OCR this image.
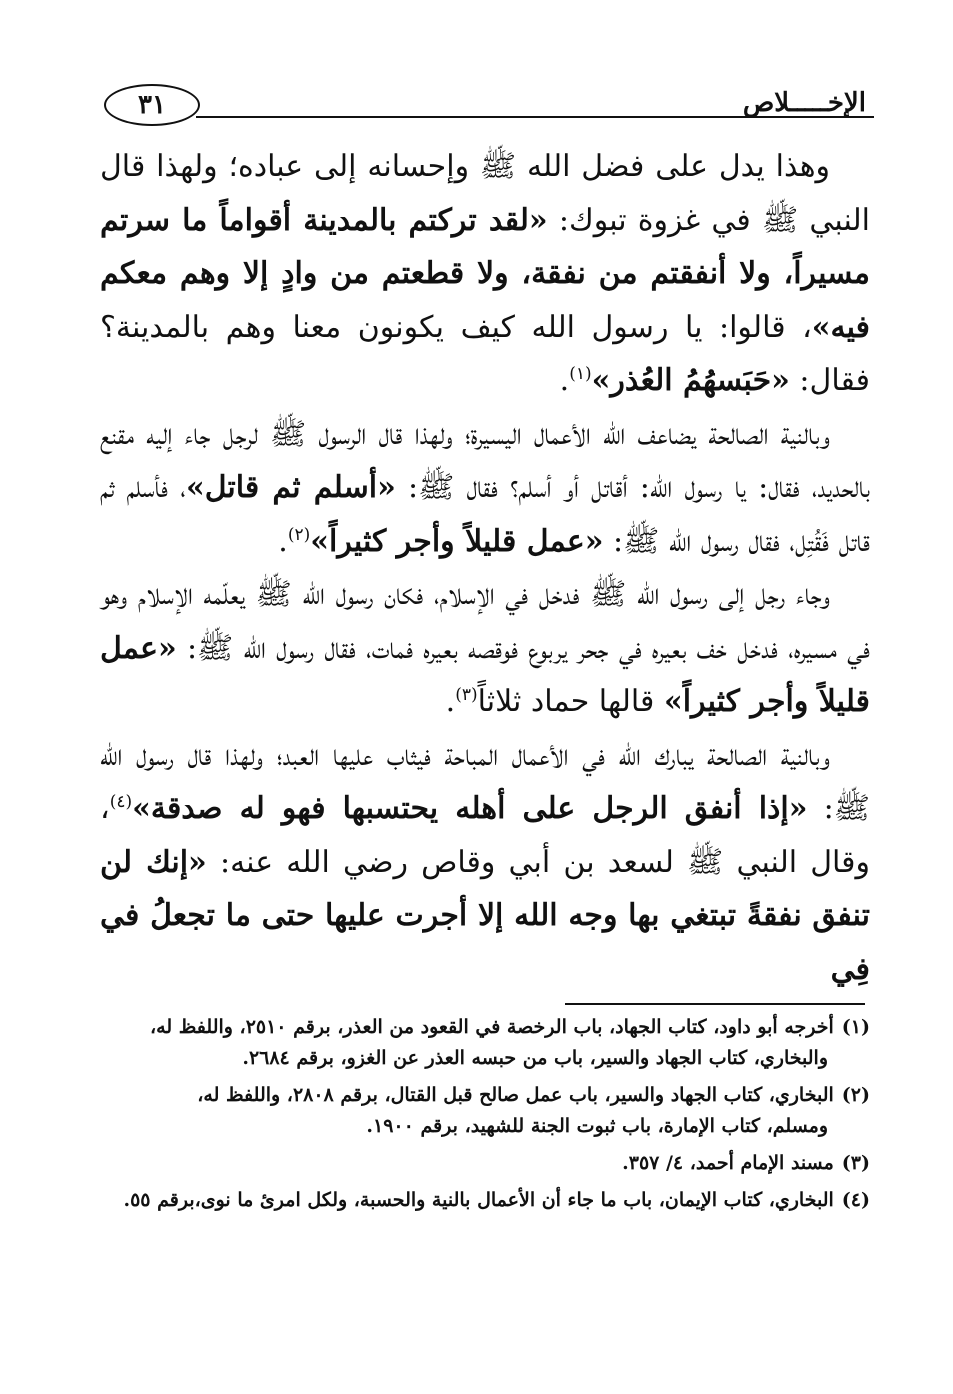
٣١	الإخـــــلاص

وهذا يدل على فضل الله ﷺ وإحسانه إلى عباده؛ ولهذا قال النبي ﷺ في غزوة تبوك: «لقد تركتم بالمدينة أقواماً ما سرتم مسيراً، ولا أنفقتم من نفقة، ولا قطعتم من وادٍ إلا وهم معكم فيه»، قالوا: يا رسول الله كيف يكونون معنا وهم بالمدينة؟ فقال: «حَبَسهُمُ العُذر»$^{(١)}$.

وبالنية الصالحة يضاعف الله الأعمال اليسيرة؛ ولهذا قال الرسول ﷺ لرجل جاء إليه مقنع بالحديد، فقال: يا رسول الله: أقاتل أو أسلم؟ فقال ﷺ: «أسلم ثم قاتل»، فأسلم ثم قاتل فَقُتِل، فقال رسول الله ﷺ: «عمل قليلاً وأجر كثيراً»$^{(٢)}$.

وجاء رجل إلى رسول الله ﷺ فدخل في الإسلام، فكان رسول الله ﷺ يعلّمه الإسلام وهو في مسيره، فدخل خف بعيره في جحر يربوع فوقصه بعيره فمات، فقال رسول الله ﷺ: «عمل قليلاً وأجر كثيراً» قالها حماد ثلاثاً$^{(٣)}$.

وبالنية الصالحة يبارك الله في الأعمال المباحة فيثاب عليها العبد؛ ولهذا قال رسول الله ﷺ: «إذا أنفق الرجل على أهله يحتسبها فهو له صدقة»$^{(٤)}$، وقال النبي ﷺ لسعد بن أبي وقاص رضي الله عنه: «إنك لن تنفق نفقةً تبتغي بها وجه الله إلا أجرت عليها حتى ما تجعلُ في فِي

(١)أخرجه أبو داود، كتاب الجهاد، باب الرخصة في القعود من العذر، برقم ٢٥١٠، واللفظ له،
والبخاري، كتاب الجهاد والسير، باب من حبسه العذر عن الغزو، برقم ٢٦٨٤.

(٢)البخاري، كتاب الجهاد والسير، باب عمل صالح قبل القتال، برقم ٢٨٠٨، واللفظ له،
ومسلم، كتاب الإمارة، باب ثبوت الجنة للشهيد، برقم ١٩٠٠.

(٣)مسند الإمام أحمد، ٤/ ٣٥٧.

(٤)البخاري، كتاب الإيمان، باب ما جاء أن الأعمال بالنية والحسبة، ولكل امرئ ما نوى،برقم ٥٥.
